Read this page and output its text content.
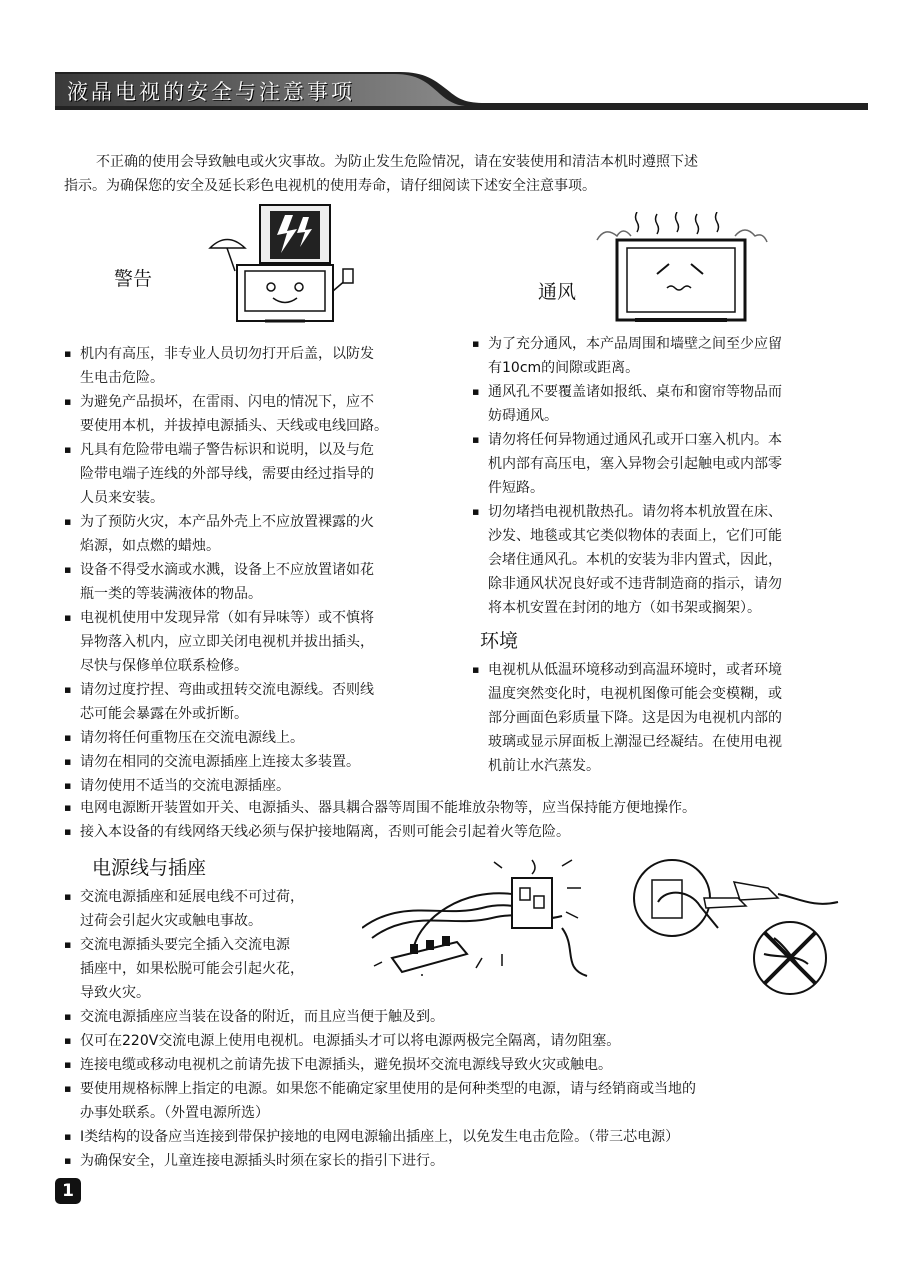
液晶电视的安全与注意事项

不正确的使用会导致触电或火灾事故。为防止发生危险情况，请在安装使用和清洁本机时遵照下述

指示。为确保您的安全及延长彩色电视机的使用寿命，请仔细阅读下述安全注意事项。

警告
通风
▪ 机内有高压，非专业人员切勿打开后盖，以防发
生电击危险。
▪ 为避免产品损坏，在雷雨、闪电的情况下，应不
要使用本机，并拔掉电源插头、天线或电线回路。
▪ 凡具有危险带电端子警告标识和说明，以及与危
险带电端子连线的外部导线，需要由经过指导的
人员来安装。
▪ 为了预防火灾，本产品外壳上不应放置裸露的火
焰源，如点燃的蜡烛。
▪ 设备不得受水滴或水溅，设备上不应放置诸如花
瓶一类的等装满液体的物品。
▪ 电视机使用中发现异常（如有异味等）或不慎将
异物落入机内，应立即关闭电视机并拔出插头，
尽快与保修单位联系检修。
▪ 请勿过度拧捏、弯曲或扭转交流电源线。否则线
芯可能会暴露在外或折断。
▪ 请勿将任何重物压在交流电源线上。
▪ 请勿在相同的交流电源插座上连接太多装置。
▪ 请勿使用不适当的交流电源插座。
▪ 为了充分通风，本产品周围和墙壁之间至少应留
有10cm的间隙或距离。
▪ 通风孔不要覆盖诸如报纸、桌布和窗帘等物品而
妨碍通风。
▪ 请勿将任何异物通过通风孔或开口塞入机内。本
机内部有高压电，塞入异物会引起触电或内部零
件短路。
▪ 切勿堵挡电视机散热孔。请勿将本机放置在床、
沙发、地毯或其它类似物体的表面上，它们可能
会堵住通风孔。本机的安装为非内置式，因此，
除非通风状况良好或不违背制造商的指示，请勿
将本机安置在封闭的地方（如书架或搁架）。
环境
▪ 电视机从低温环境移动到高温环境时，或者环境
温度突然变化时，电视机图像可能会变模糊，或
部分画面色彩质量下降。这是因为电视机内部的
玻璃或显示屏面板上潮湿已经凝结。在使用电视
机前让水汽蒸发。
▪ 电网电源断开装置如开关、电源插头、器具耦合器等周围不能堆放杂物等，应当保持能方便地操作。
▪ 接入本设备的有线网络天线必须与保护接地隔离，否则可能会引起着火等危险。
电源线与插座
▪ 交流电源插座和延展电线不可过荷，
过荷会引起火灾或触电事故。
▪ 交流电源插头要完全插入交流电源
插座中，如果松脱可能会引起火花，
导致火灾。
▪ 交流电源插座应当装在设备的附近，而且应当便于触及到。
▪ 仅可在220V交流电源上使用电视机。电源插头才可以将电源两极完全隔离，请勿阻塞。
▪ 连接电缆或移动电视机之前请先拔下电源插头，避免损坏交流电源线导致火灾或触电。
▪ 要使用规格标牌上指定的电源。如果您不能确定家里使用的是何种类型的电源，请与经销商或当地的
办事处联系。（外置电源所选）
▪ Ⅰ类结构的设备应当连接到带保护接地的电网电源输出插座上，以免发生电击危险。（带三芯电源）
▪ 为确保安全，儿童连接电源插头时须在家长的指引下进行。
1
